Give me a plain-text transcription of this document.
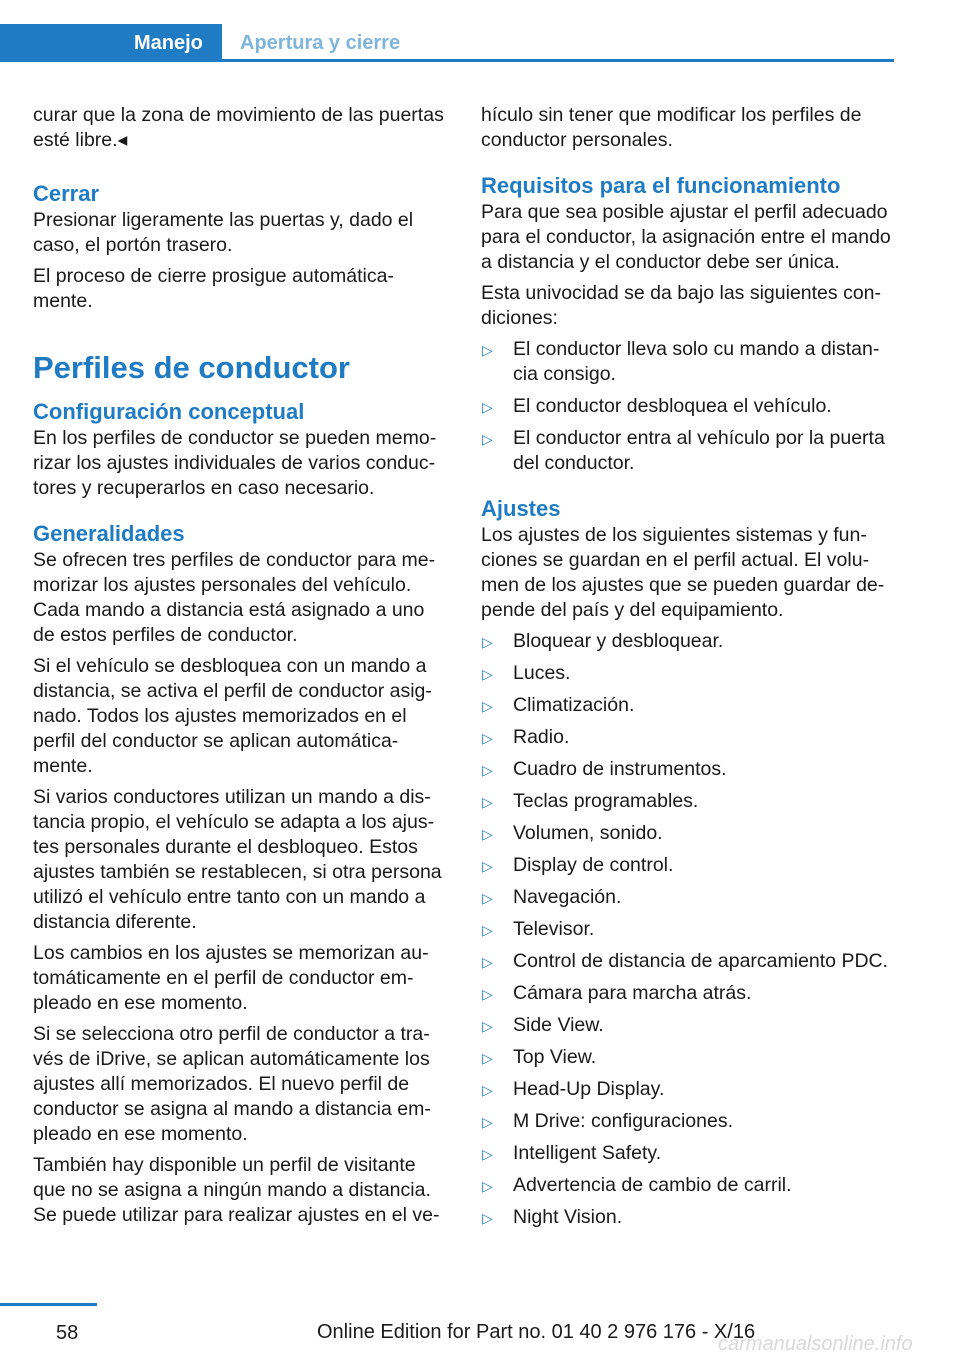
Manejo	Apertura y cierre

curar que la zona de movimiento de las puertas esté libre.◂

Cerrar

Presionar ligeramente las puertas y, dado el caso, el portón trasero.

El proceso de cierre prosigue automática-mente.

Perfiles de conductor
Configuración conceptual

En los perfiles de conductor se pueden memo-rizar los ajustes individuales de varios conduc-tores y recuperarlos en caso necesario.

Generalidades

Se ofrecen tres perfiles de conductor para me-morizar los ajustes personales del vehículo. Cada mando a distancia está asignado a uno de estos perfiles de conductor.

Si el vehículo se desbloquea con un mando a distancia, se activa el perfil de conductor asig-nado. Todos los ajustes memorizados en el perfil del conductor se aplican automática-mente.

Si varios conductores utilizan un mando a dis-tancia propio, el vehículo se adapta a los ajus-tes personales durante el desbloqueo. Estos ajustes también se restablecen, si otra persona utilizó el vehículo entre tanto con un mando a distancia diferente.

Los cambios en los ajustes se memorizan au-tomáticamente en el perfil de conductor em-pleado en ese momento.

Si se selecciona otro perfil de conductor a tra-vés de iDrive, se aplican automáticamente los ajustes allí memorizados. El nuevo perfil de conductor se asigna al mando a distancia em-pleado en ese momento.

También hay disponible un perfil de visitante que no se asigna a ningún mando a distancia. Se puede utilizar para realizar ajustes en el ve-

hículo sin tener que modificar los perfiles de conductor personales.

Requisitos para el funcionamiento

Para que sea posible ajustar el perfil adecuado para el conductor, la asignación entre el mando a distancia y el conductor debe ser única.

Esta univocidad se da bajo las siguientes con-diciones:

▷ El conductor lleva solo cu mando a distan-cia consigo.
▷ El conductor desbloquea el vehículo.
▷ El conductor entra al vehículo por la puerta del conductor.
Ajustes

Los ajustes de los siguientes sistemas y fun-ciones se guardan en el perfil actual. El volu-men de los ajustes que se pueden guardar de-pende del país y del equipamiento.

▷ Bloquear y desbloquear.
▷ Luces.
▷ Climatización.
▷ Radio.
▷ Cuadro de instrumentos.
▷ Teclas programables.
▷ Volumen, sonido.
▷ Display de control.
▷ Navegación.
▷ Televisor.
▷ Control de distancia de aparcamiento PDC.
▷ Cámara para marcha atrás.
▷ Side View.
▷ Top View.
▷ Head-Up Display.
▷ M Drive: configuraciones.
▷ Intelligent Safety.
▷ Advertencia de cambio de carril.
▷ Night Vision.
58	Online Edition for Part no. 01 40 2 976 176 - X/16
carmanualsonline.info
